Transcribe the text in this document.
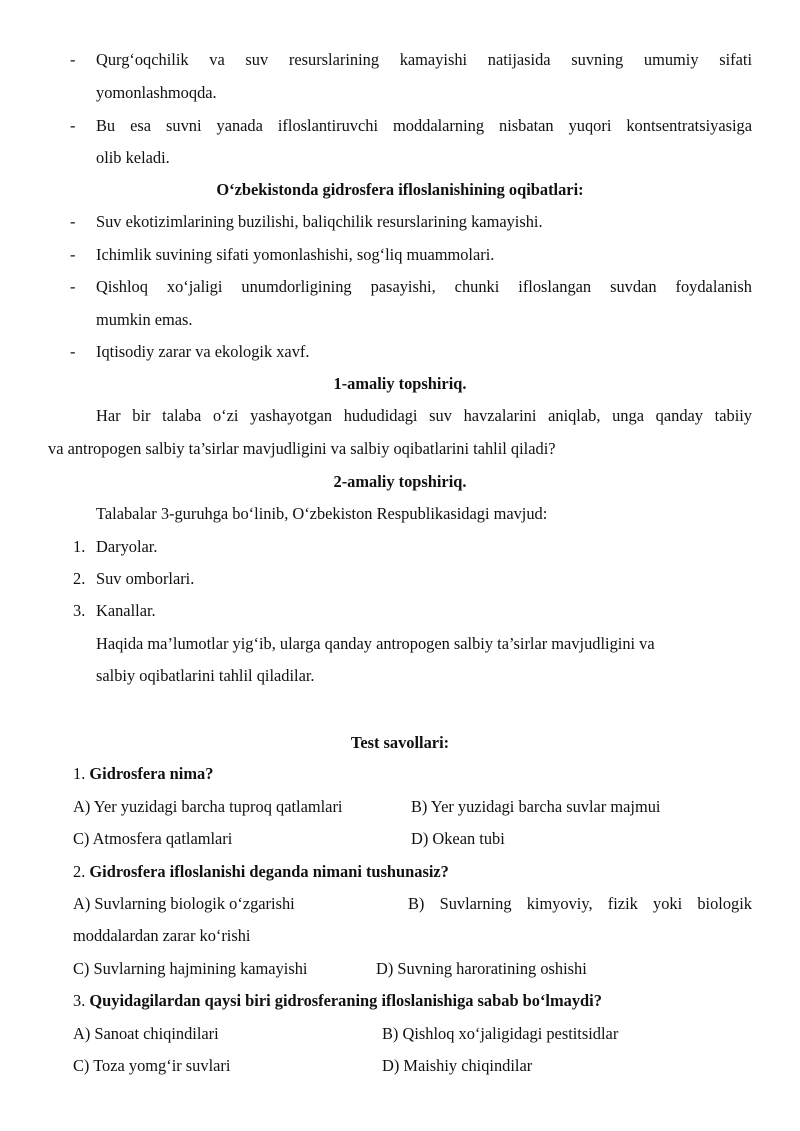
- Qurg‘oqchilik va suv resurslarining kamayishi natijasida suvning umumiy sifati
yomonlashmoqda.
- Bu esa suvni yanada ifloslantiruvchi moddalarning nisbatan yuqori kontsentratsiyasiga
olib keladi.
O‘zbekistonda gidrosfera ifloslanishining oqibatlari:
- Suv ekotizimlarining buzilishi, baliqchilik resurslarining kamayishi.
- Ichimlik suvining sifati yomonlashishi, sog‘liq muammolari.
- Qishloq xo‘jaligi unumdorligining pasayishi, chunki ifloslangan suvdan foydalanish
mumkin emas.
- Iqtisodiy zarar va ekologik xavf.
1-amaliy topshiriq.
Har bir talaba o‘zi yashayotgan hududidagi suv havzalarini aniqlab, unga qanday tabiiy
va antropogen salbiy ta’sirlar mavjudligini va salbiy oqibatlarini tahlil qiladi?
2-amaliy topshiriq.
Talabalar 3-guruhga bo‘linib, O‘zbekiston Respublikasidagi mavjud:
1. Daryolar.
2. Suv omborlari.
3. Kanallar.
Haqida ma’lumotlar yig‘ib, ularga qanday antropogen salbiy ta’sirlar mavjudligini va
salbiy oqibatlarini tahlil qiladilar.
Test savollari:
1. Gidrosfera nima?
A) Yer yuzidagi barcha tuproq qatlamlari	B) Yer yuzidagi barcha suvlar majmui
C) Atmosfera qatlamlari	D) Okean tubi
2. Gidrosfera ifloslanishi deganda nimani tushunasiz?
A) Suvlarning biologik o‘zgarishi	B) Suvlarning kimyoviy, fizik yoki biologik
moddalardan zarar ko‘rishi
C) Suvlarning hajmining kamayishi	D) Suvning haroratining oshishi
3. Quyidagilardan qaysi biri gidrosferaning ifloslanishiga sabab bo‘lmaydi?
A) Sanoat chiqindilari	B) Qishloq xo‘jaligidagi pestitsidlar
C) Toza yomg‘ir suvlari	D) Maishiy chiqindilar
